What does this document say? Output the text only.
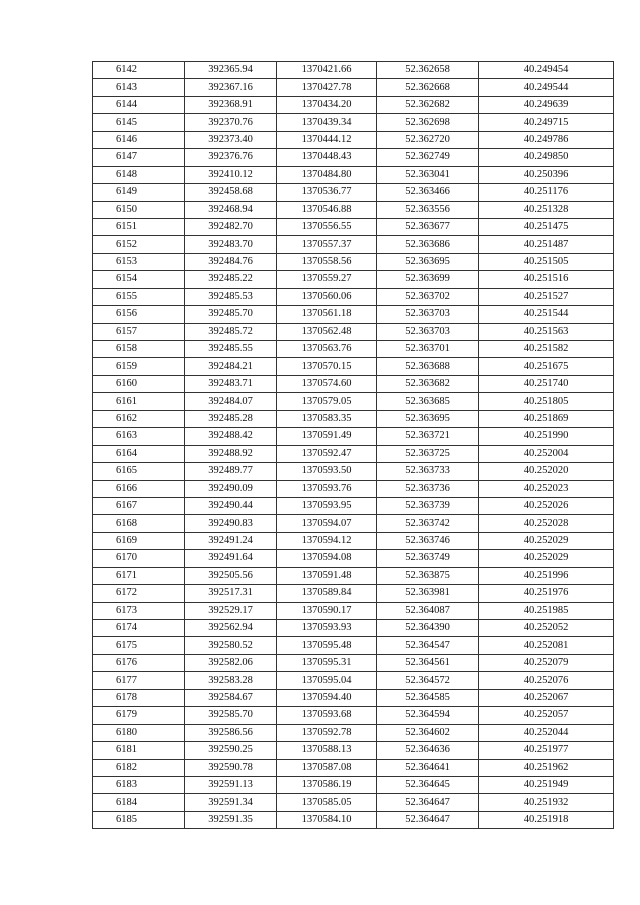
6142	392365.94	1370421.66	52.362658	40.249454
6143	392367.16	1370427.78	52.362668	40.249544
6144	392368.91	1370434.20	52.362682	40.249639
6145	392370.76	1370439.34	52.362698	40.249715
6146	392373.40	1370444.12	52.362720	40.249786
6147	392376.76	1370448.43	52.362749	40.249850
6148	392410.12	1370484.80	52.363041	40.250396
6149	392458.68	1370536.77	52.363466	40.251176
6150	392468.94	1370546.88	52.363556	40.251328
6151	392482.70	1370556.55	52.363677	40.251475
6152	392483.70	1370557.37	52.363686	40.251487
6153	392484.76	1370558.56	52.363695	40.251505
6154	392485.22	1370559.27	52.363699	40.251516
6155	392485.53	1370560.06	52.363702	40.251527
6156	392485.70	1370561.18	52.363703	40.251544
6157	392485.72	1370562.48	52.363703	40.251563
6158	392485.55	1370563.76	52.363701	40.251582
6159	392484.21	1370570.15	52.363688	40.251675
6160	392483.71	1370574.60	52.363682	40.251740
6161	392484.07	1370579.05	52.363685	40.251805
6162	392485.28	1370583.35	52.363695	40.251869
6163	392488.42	1370591.49	52.363721	40.251990
6164	392488.92	1370592.47	52.363725	40.252004
6165	392489.77	1370593.50	52.363733	40.252020
6166	392490.09	1370593.76	52.363736	40.252023
6167	392490.44	1370593.95	52.363739	40.252026
6168	392490.83	1370594.07	52.363742	40.252028
6169	392491.24	1370594.12	52.363746	40.252029
6170	392491.64	1370594.08	52.363749	40.252029
6171	392505.56	1370591.48	52.363875	40.251996
6172	392517.31	1370589.84	52.363981	40.251976
6173	392529.17	1370590.17	52.364087	40.251985
6174	392562.94	1370593.93	52.364390	40.252052
6175	392580.52	1370595.48	52.364547	40.252081
6176	392582.06	1370595.31	52.364561	40.252079
6177	392583.28	1370595.04	52.364572	40.252076
6178	392584.67	1370594.40	52.364585	40.252067
6179	392585.70	1370593.68	52.364594	40.252057
6180	392586.56	1370592.78	52.364602	40.252044
6181	392590.25	1370588.13	52.364636	40.251977
6182	392590.78	1370587.08	52.364641	40.251962
6183	392591.13	1370586.19	52.364645	40.251949
6184	392591.34	1370585.05	52.364647	40.251932
6185	392591.35	1370584.10	52.364647	40.251918
